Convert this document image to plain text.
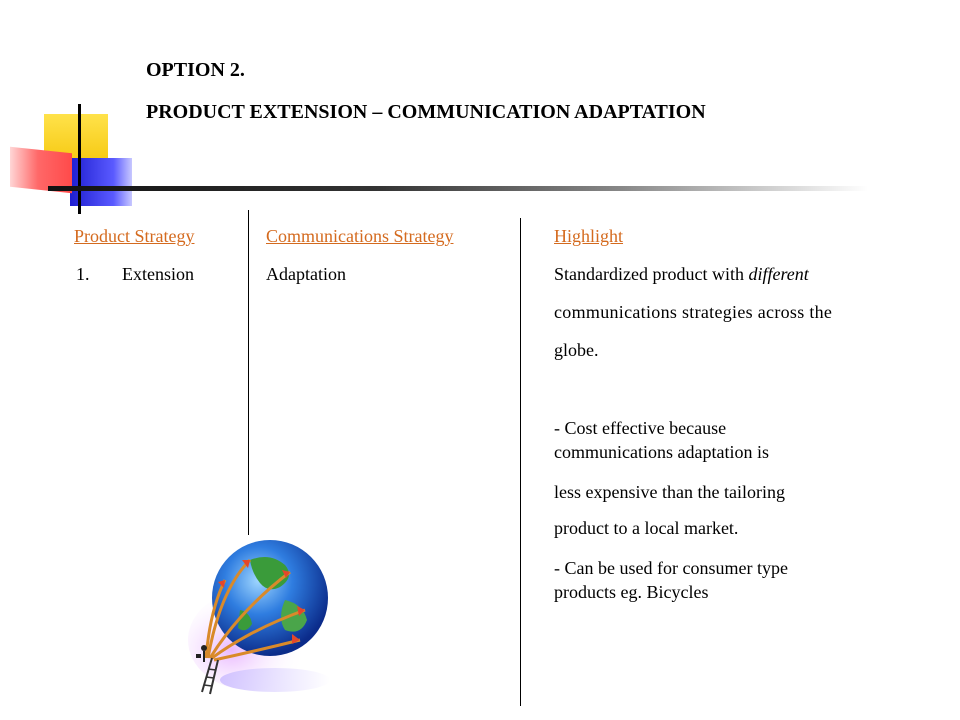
OPTION 2.
PRODUCT EXTENSION – COMMUNICATION ADAPTATION
Product Strategy	Communications Strategy	Highlight
1. Extension	Adaptation	Standardized product with different
communications strategies across the
globe.
- Cost effective because
communications adaptation is
less expensive than the tailoring
product to a local market.
- Can be used for consumer type
products eg. Bicycles
